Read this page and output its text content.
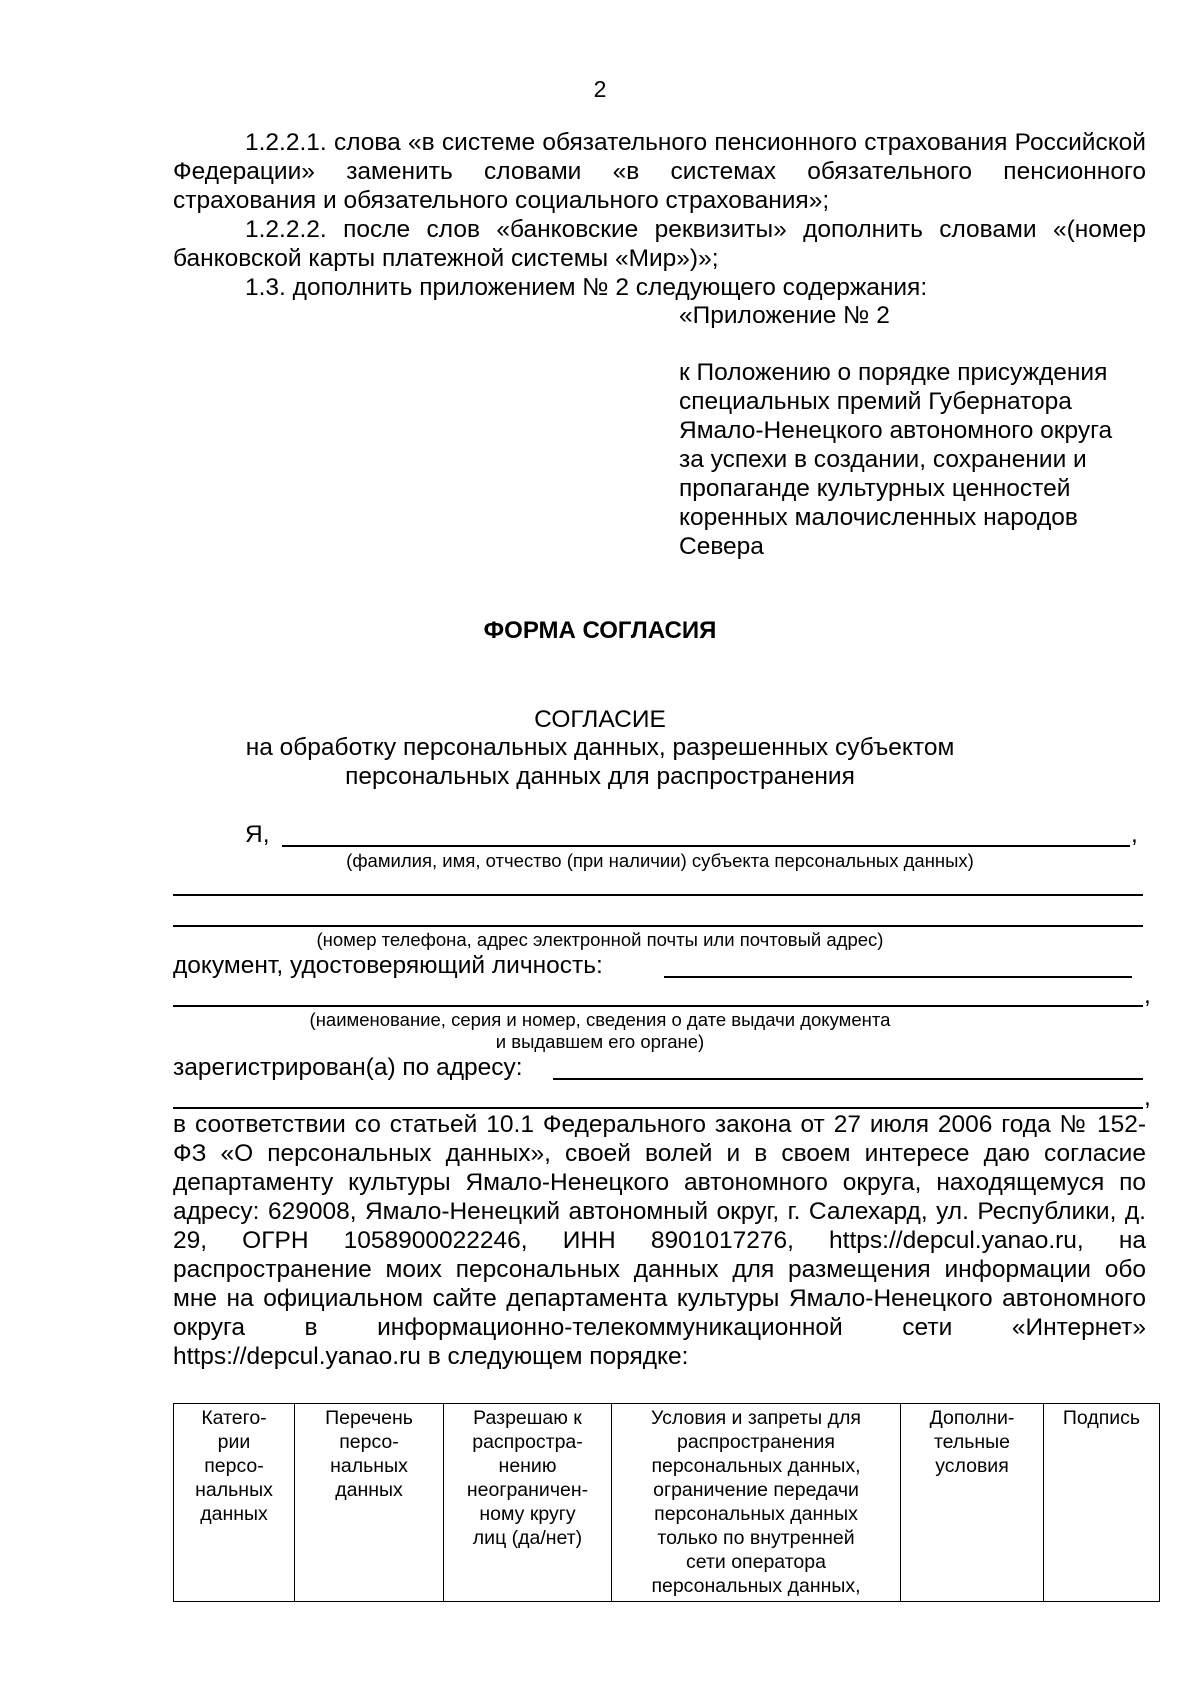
2

1.2.2.1. слова «в системе обязательного пенсионного страхования Российской Федерации» заменить словами «в системах обязательного пенсионного страхования и обязательного социального страхования»;

1.2.2.2. после слов «банковские реквизиты» дополнить словами «(номер банковской карты платежной системы «Мир»)»;

1.3. дополнить приложением № 2 следующего содержания:

«Приложение № 2
к Положению о порядке присуждения
специальных премий Губернатора
Ямало-Ненецкого автономного округа
за успехи в создании, сохранении и
пропаганде культурных ценностей
коренных малочисленных народов
Севера
ФОРМА СОГЛАСИЯ
СОГЛАСИЕ
на обработку персональных данных, разрешенных субъектом
персональных данных для распространения
Я,	,
(фамилия, имя, отчество (при наличии) субъекта персональных данных)
(номер телефона, адрес электронной почты или почтовый адрес)
документ, удостоверяющий личность:
,
(наименование, серия и номер, сведения о дате выдачи документа
и выдавшем его органе)
зарегистрирован(а) по адресу:
,
в соответствии со статьей 10.1 Федерального закона от 27 июля 2006 года № 152-ФЗ «О персональных данных», своей волей и в своем интересе даю согласие департаменту культуры Ямало-Ненецкого автономного округа, находящемуся по адресу: 629008, Ямало-Ненецкий автономный округ, г. Салехард, ул. Республики, д. 29, ОГРН 1058900022246, ИНН 8901017276, https://depcul.yanao.ru, на распространение моих персональных данных для размещения информации обо мне на официальном сайте департамента культуры Ямало-Ненецкого автономного округа в информационно-телекоммуникационной сети «Интернет» https://depcul.yanao.ru в следующем порядке:
Катего-
рии
персо-
нальных
данных	Перечень
персо-
нальных
данных	Разрешаю к
распростра-
нению
неограничен-
ному кругу
лиц (да/нет)	Условия и запреты для
распространения
персональных данных,
ограничение передачи
персональных данных
только по внутренней
сети оператора
персональных данных,	Дополни-
тельные
условия	Подпись
